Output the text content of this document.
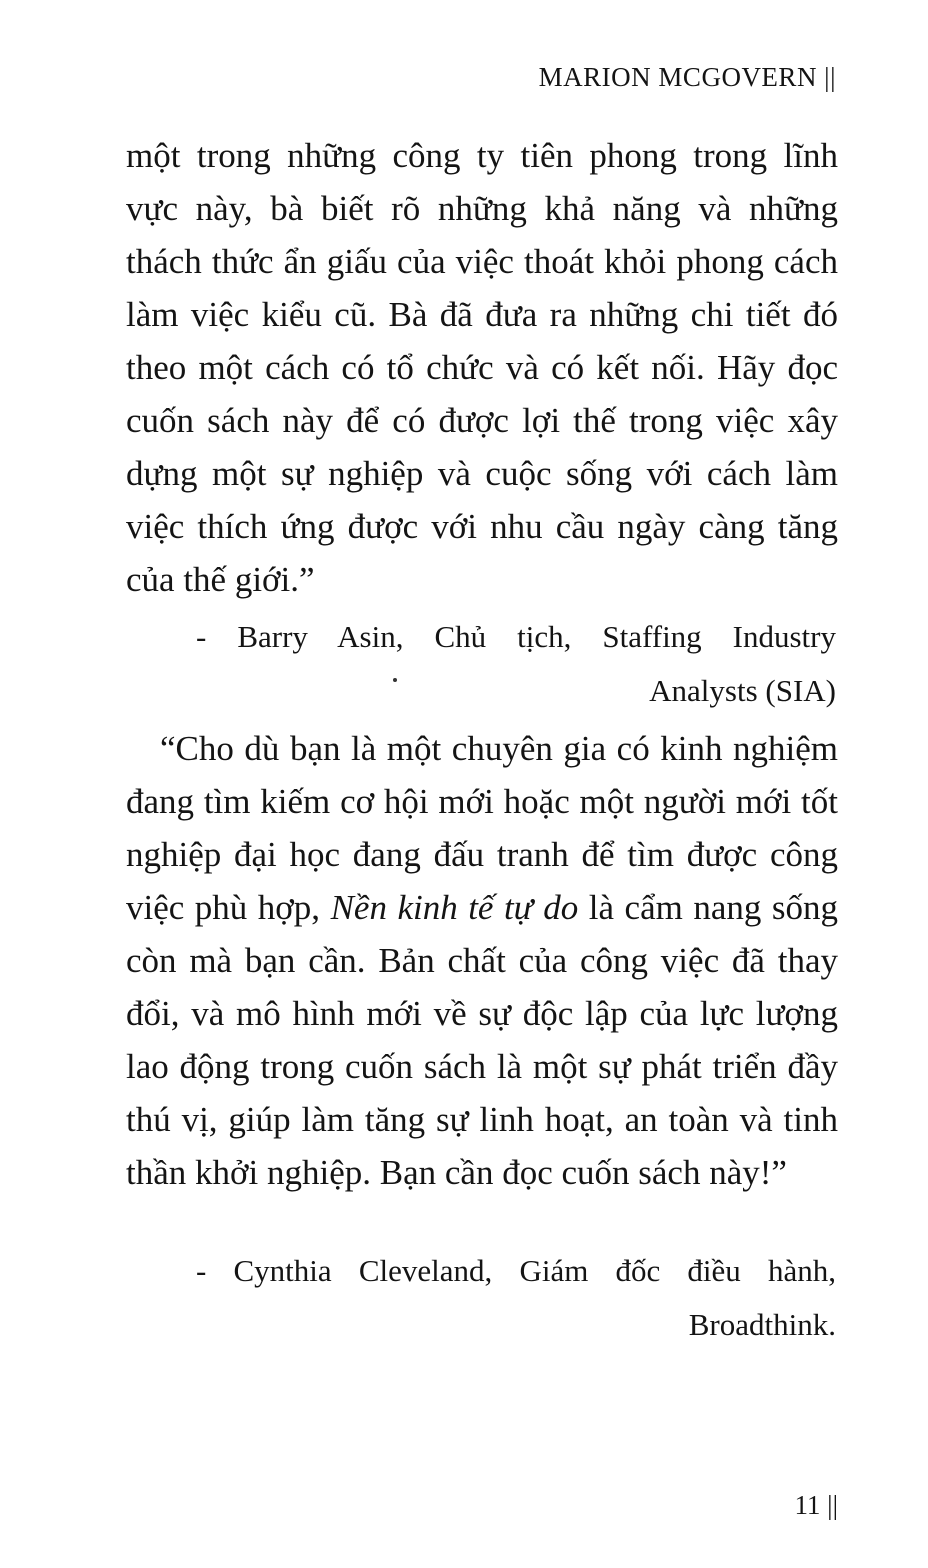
MARION MCGOVERN ||

một trong những công ty tiên phong trong lĩnh
vực này, bà biết rõ những khả năng và những
thách thức ẩn giấu của việc thoát khỏi phong cách
làm việc kiểu cũ. Bà đã đưa ra những chi tiết đó
theo một cách có tổ chức và có kết nối. Hãy đọc
cuốn sách này để có được lợi thế trong việc xây
dựng một sự nghiệp và cuộc sống với cách làm
việc thích ứng được với nhu cầu ngày càng tăng
của thế giới.”

- Barry Asin, Chủ tịch, Staffing Industry
Analysts (SIA)

“Cho dù bạn là một chuyên gia có kinh nghiệm
đang tìm kiếm cơ hội mới hoặc một người mới tốt
nghiệp đại học đang đấu tranh để tìm được công
việc phù hợp, Nền kinh tế tự do là cẩm nang sống
còn mà bạn cần. Bản chất của công việc đã thay
đổi, và mô hình mới về sự độc lập của lực lượng
lao động trong cuốn sách là một sự phát triển đầy
thú vị, giúp làm tăng sự linh hoạt, an toàn và tinh
thần khởi nghiệp. Bạn cần đọc cuốn sách này!”

- Cynthia Cleveland, Giám đốc điều hành,
Broadthink.

11 ||
